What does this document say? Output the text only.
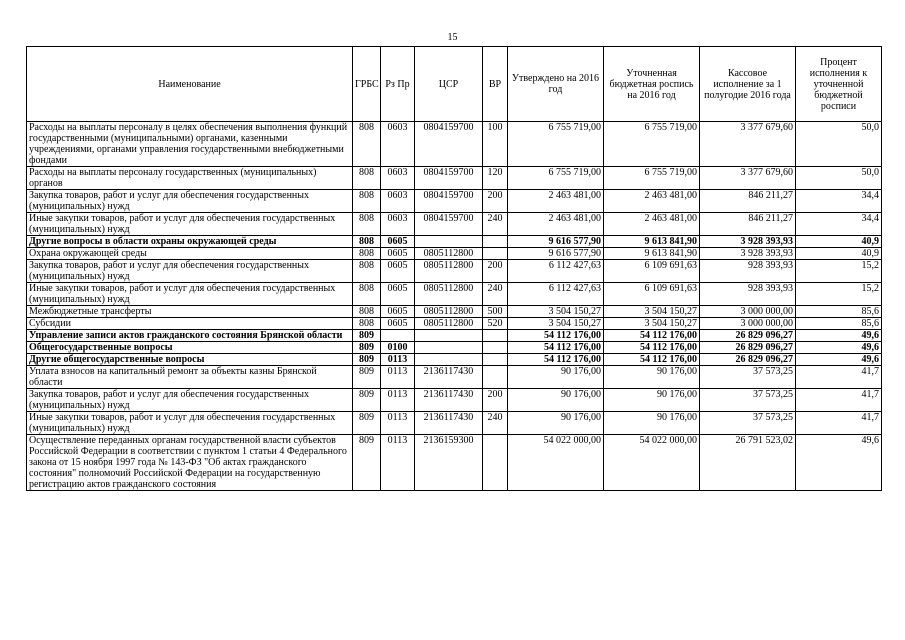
15
Наименование	ГРБС	Рз Пр	ЦСР	ВР	Утверждено на 2016 год	Уточненная бюджетная роспись на 2016 год	Кассовое исполнение за 1 полугодие 2016 года	Процент исполнения к уточненной бюджетной росписи
Расходы на выплаты персоналу в целях обеспечения выполнения функций государственными (муниципальными) органами, казенными учреждениями, органами управления государственными внебюджетными фондами	808	0603	0804159700	100	6 755 719,00	6 755 719,00	3 377 679,60	50,0
Расходы на выплаты персоналу государственных (муниципальных) органов	808	0603	0804159700	120	6 755 719,00	6 755 719,00	3 377 679,60	50,0
Закупка товаров, работ и услуг для обеспечения государственных (муниципальных) нужд	808	0603	0804159700	200	2 463 481,00	2 463 481,00	846 211,27	34,4
Иные закупки товаров, работ и услуг для обеспечения государственных (муниципальных) нужд	808	0603	0804159700	240	2 463 481,00	2 463 481,00	846 211,27	34,4
Другие вопросы в области охраны окружающей среды	808	0605			9 616 577,90	9 613 841,90	3 928 393,93	40,9
Охрана окружающей среды	808	0605	0805112800		9 616 577,90	9 613 841,90	3 928 393,93	40,9
Закупка товаров, работ и услуг для обеспечения государственных (муниципальных) нужд	808	0605	0805112800	200	6 112 427,63	6 109 691,63	928 393,93	15,2
Иные закупки товаров, работ и услуг для обеспечения государственных (муниципальных) нужд	808	0605	0805112800	240	6 112 427,63	6 109 691,63	928 393,93	15,2
Межбюджетные трансферты	808	0605	0805112800	500	3 504 150,27	3 504 150,27	3 000 000,00	85,6
Субсидии	808	0605	0805112800	520	3 504 150,27	3 504 150,27	3 000 000,00	85,6
Управление записи актов гражданского состояния Брянской области	809				54 112 176,00	54 112 176,00	26 829 096,27	49,6
Общегосударственные вопросы	809	0100			54 112 176,00	54 112 176,00	26 829 096,27	49,6
Другие общегосударственные вопросы	809	0113			54 112 176,00	54 112 176,00	26 829 096,27	49,6
Уплата взносов на капитальный ремонт за объекты казны Брянской области	809	0113	2136117430		90 176,00	90 176,00	37 573,25	41,7
Закупка товаров, работ и услуг для обеспечения государственных (муниципальных) нужд	809	0113	2136117430	200	90 176,00	90 176,00	37 573,25	41,7
Иные закупки товаров, работ и услуг для обеспечения государственных (муниципальных) нужд	809	0113	2136117430	240	90 176,00	90 176,00	37 573,25	41,7
Осуществление переданных органам государственной власти субъектов Российской Федерации в соответствии с пунктом 1 статьи 4 Федерального закона от 15 ноября 1997 года № 143-ФЗ "Об актах гражданского состояния" полномочий Российской Федерации на государственную регистрацию актов гражданского состояния	809	0113	2136159300		54 022 000,00	54 022 000,00	26 791 523,02	49,6
